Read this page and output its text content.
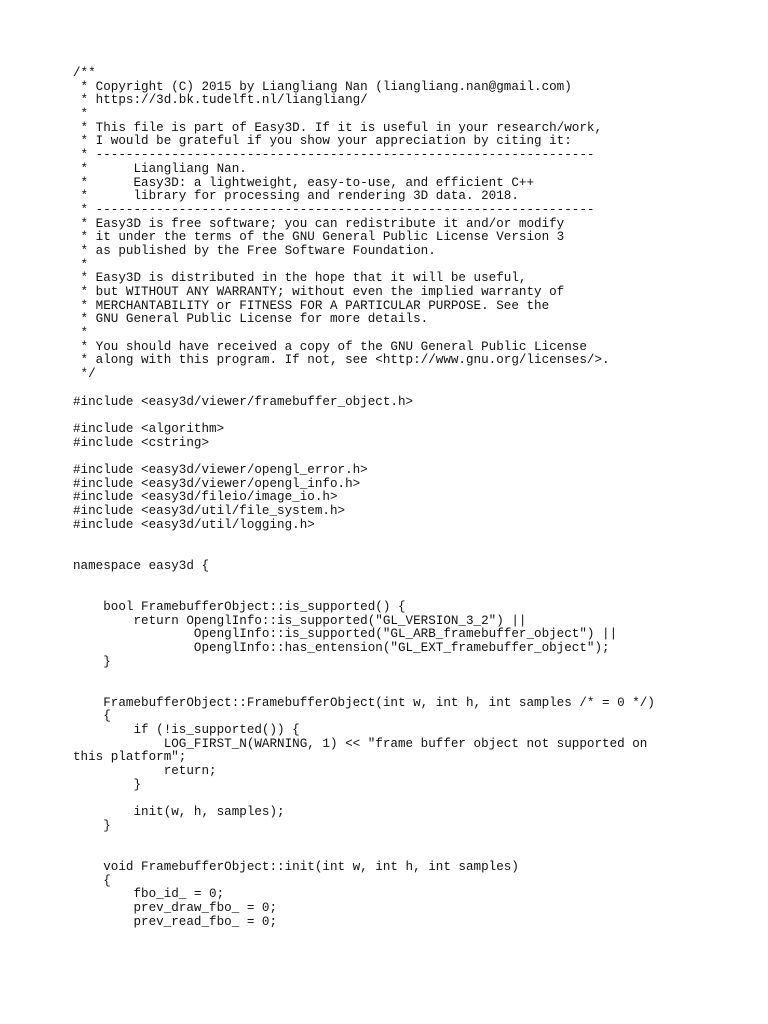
/**
* Copyright (C) 2015 by Liangliang Nan (liangliang.nan@gmail.com)
* https://3d.bk.tudelft.nl/liangliang/
*
* This file is part of Easy3D. If it is useful in your research/work,
* I would be grateful if you show your appreciation by citing it:
* ------------------------------------------------------------------
*      Liangliang Nan.
*      Easy3D: a lightweight, easy-to-use, and efficient C++
*      library for processing and rendering 3D data. 2018.
* ------------------------------------------------------------------
* Easy3D is free software; you can redistribute it and/or modify
* it under the terms of the GNU General Public License Version 3
* as published by the Free Software Foundation.
*
* Easy3D is distributed in the hope that it will be useful,
* but WITHOUT ANY WARRANTY; without even the implied warranty of
* MERCHANTABILITY or FITNESS FOR A PARTICULAR PURPOSE. See the
* GNU General Public License for more details.
*
* You should have received a copy of the GNU General Public License
* along with this program. If not, see <http://www.gnu.org/licenses/>.
*/
#include <easy3d/viewer/framebuffer_object.h>
#include <algorithm>
#include <cstring>
#include <easy3d/viewer/opengl_error.h>
#include <easy3d/viewer/opengl_info.h>
#include <easy3d/fileio/image_io.h>
#include <easy3d/util/file_system.h>
#include <easy3d/util/logging.h>
namespace easy3d {
bool FramebufferObject::is_supported() {
return OpenglInfo::is_supported("GL_VERSION_3_2") ||
OpenglInfo::is_supported("GL_ARB_framebuffer_object") ||
OpenglInfo::has_entension("GL_EXT_framebuffer_object");
}
FramebufferObject::FramebufferObject(int w, int h, int samples /* = 0 */)
{
if (!is_supported()) {
LOG_FIRST_N(WARNING, 1) << "frame buffer object not supported on
this platform";
return;
}
init(w, h, samples);
}
void FramebufferObject::init(int w, int h, int samples)
{
fbo_id_ = 0;
prev_draw_fbo_ = 0;
prev_read_fbo_ = 0;
